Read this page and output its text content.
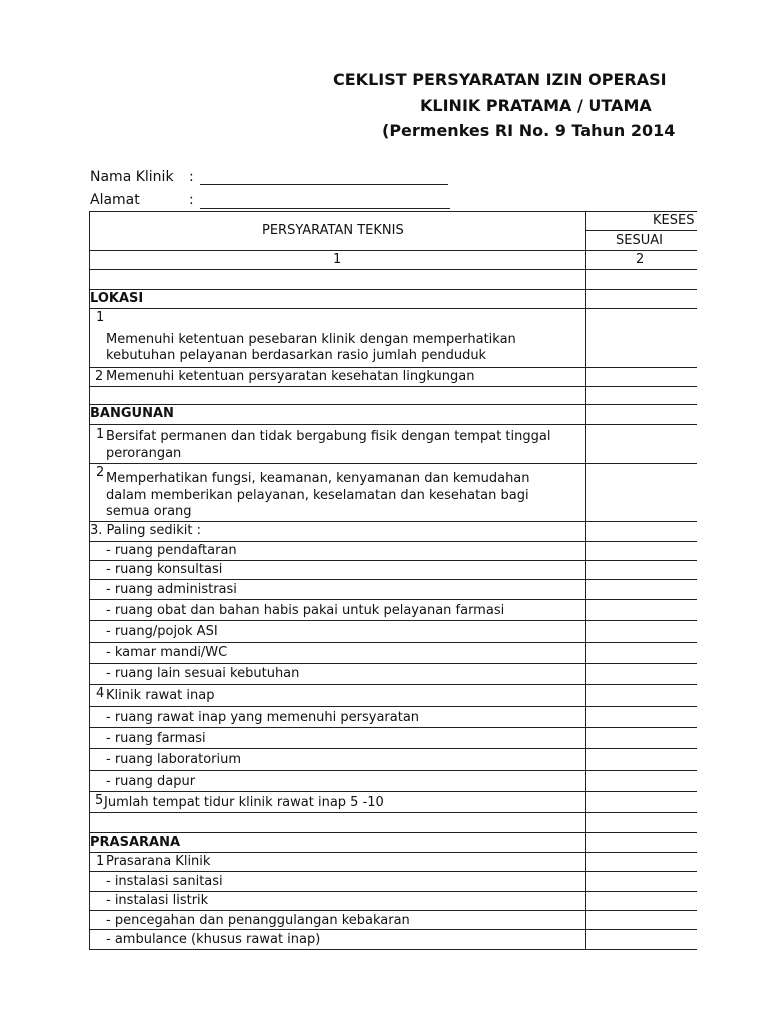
CEKLIST PERSYARATAN IZIN OPERASI
KLINIK PRATAMA / UTAMA
(Permenkes RI No. 9 Tahun 2014
Nama Klinik :
Alamat	:
PERSYARATAN TEKNIS
KESES
SESUAI
1	2
LOKASI
1
Memenuhi ketentuan pesebaran klinik dengan memperhatikan
kebutuhan pelayanan berdasarkan rasio jumlah penduduk
2 Memenuhi ketentuan persyaratan kesehatan lingkungan
BANGUNAN
1 Bersifat permanen dan tidak bergabung fisik dengan tempat tinggal
perorangan
2 Memperhatikan fungsi, keamanan, kenyamanan dan kemudahan
dalam memberikan pelayanan, keselamatan dan kesehatan bagi
semua orang
3. Paling sedikit :
- ruang pendaftaran
- ruang konsultasi
- ruang administrasi
- ruang obat dan bahan habis pakai untuk pelayanan farmasi
- ruang/pojok ASI
- kamar mandi/WC
- ruang lain sesuai kebutuhan
4 Klinik rawat inap
- ruang rawat inap yang memenuhi persyaratan
- ruang farmasi
- ruang laboratorium
- ruang dapur
5 Jumlah tempat tidur klinik rawat inap 5 -10
PRASARANA
1 Prasarana Klinik
- instalasi sanitasi
- instalasi listrik
- pencegahan dan penanggulangan kebakaran
- ambulance (khusus rawat inap)
